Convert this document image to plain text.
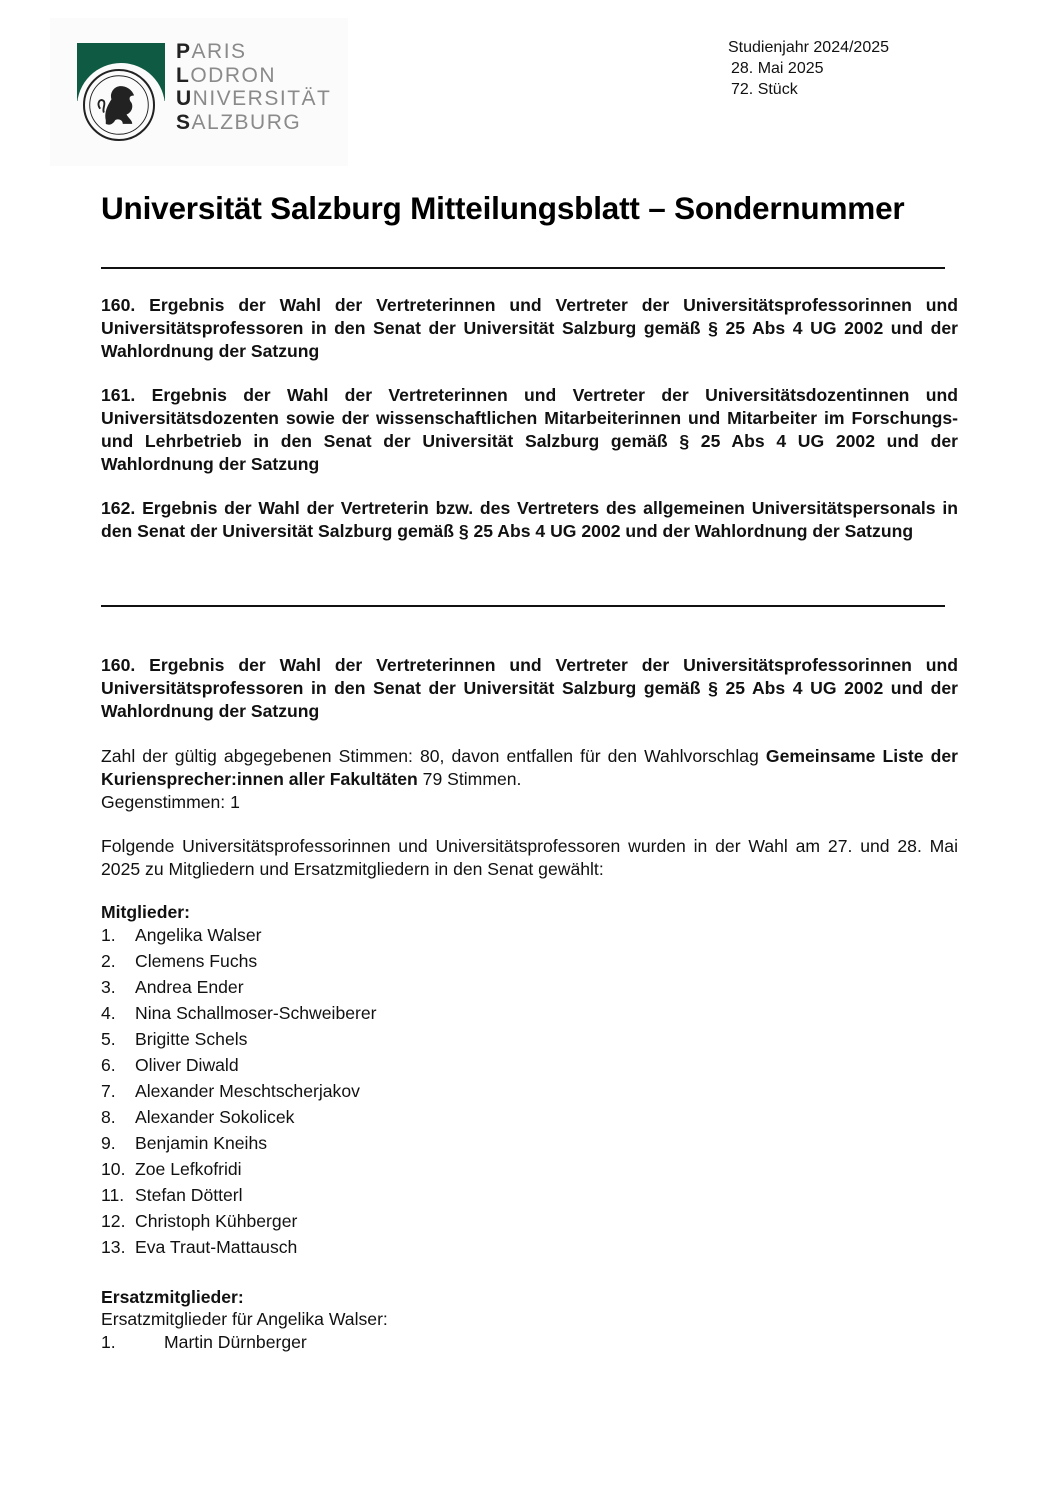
PARIS
LODRON
UNIVERSITÄT
SALZBURG
Studienjahr 2024/2025
28. Mai 2025
72. Stück
Universität Salzburg Mitteilungsblatt – Sondernummer
160. Ergebnis der Wahl der Vertreterinnen und Vertreter der Universitätsprofessorinnen und Universitätsprofessoren in den Senat der Universität Salzburg gemäß § 25 Abs 4 UG 2002 und der Wahlordnung der Satzung
161. Ergebnis der Wahl der Vertreterinnen und Vertreter der Universitätsdozentinnen und Universitätsdozenten sowie der wissenschaftlichen Mitarbeiterinnen und Mitarbeiter im Forschungs- und Lehrbetrieb in den Senat der Universität Salzburg gemäß § 25 Abs 4 UG 2002 und der Wahlordnung der Satzung
162. Ergebnis der Wahl der Vertreterin bzw. des Vertreters des allgemeinen Universitätspersonals in den Senat der Universität Salzburg gemäß § 25 Abs 4 UG 2002 und der Wahlordnung der Satzung
160. Ergebnis der Wahl der Vertreterinnen und Vertreter der Universitätsprofessorinnen und Universitätsprofessoren in den Senat der Universität Salzburg gemäß § 25 Abs 4 UG 2002 und der Wahlordnung der Satzung
Zahl der gültig abgegebenen Stimmen: 80, davon entfallen für den Wahlvorschlag Gemeinsame Liste der Kuriensprecher:innen aller Fakultäten 79 Stimmen.
Gegenstimmen: 1
Folgende Universitätsprofessorinnen und Universitätsprofessoren wurden in der Wahl am 27. und 28. Mai 2025 zu Mitgliedern und Ersatzmitgliedern in den Senat gewählt:
Mitglieder:
1. Angelika Walser
2. Clemens Fuchs
3. Andrea Ender
4. Nina Schallmoser-Schweiberer
5. Brigitte Schels
6. Oliver Diwald
7. Alexander Meschtscherjakov
8. Alexander Sokolicek
9. Benjamin Kneihs
10. Zoe Lefkofridi
11. Stefan Dötterl
12. Christoph Kühberger
13. Eva Traut-Mattausch
Ersatzmitglieder:
Ersatzmitglieder für Angelika Walser:
1.	Martin Dürnberger
